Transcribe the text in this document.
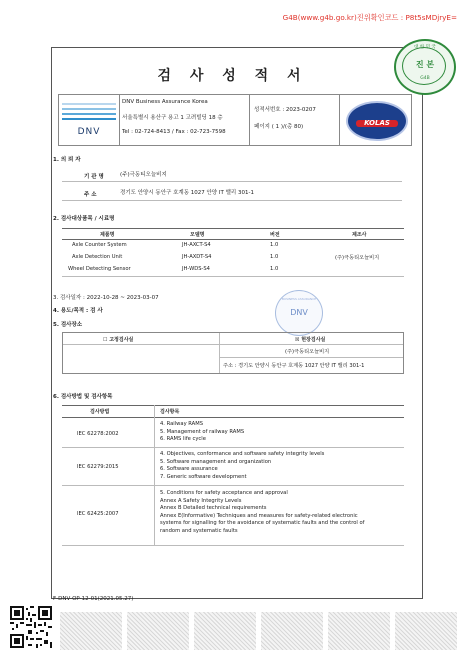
G4B(www.g4b.go.kr)진위확인코드 : P8t5sMDjryE=
검 사 성 적 서
대 한 민 국
진 본
G4B
DNV
DNV Business Assurance Korea
서울특별시 용산구 용고 1 고려빌딩 18 층
Tel : 02-724-8413 / Fax : 02-723-7598
성적서번호 : 2023-0207
페이지 ( 1 )/(총 80)	KOLAS
1. 의 뢰 자
기 관 명	(주)극동티오늘비지
주 소	경기도 안양시 동안구 호계동 1027 안양 IT 밸리 301-1
2. 검사대상품목 / 시료명
제품명	모델명	버전	제조사
Axle Counter System	JH-AXCT-S4	1.0
Axle Detection Unit	JH-AXDT-S4	1.0	(주)극동티오늘비지
Wheel Detecting Sensor	JH-WDS-S4	1.0
3. 검사일자 : 2022-10-28 ~ 2023-03-07
4. 용도/목적 : 검 사
5. 검사장소
BUSINESS ASSURANCE
DNV
☐ 고정검사실	☒ 현장검사실
(주)극동티오늘비지
주소 : 경기도 안양시 동안구 호계동 1027 안양 IT 밸리 301-1
6. 검사방법 및 검사항목
검사방법	검사항목
IEC 62278:2002
4. Railway RAMS
5. Management of railway RAMS
6. RAMS life cycle
IEC 62279:2015
4. Objectives, conformance and software safety integrity levels
5. Software management and organization
6. Software assurance
7. Generic software development
IEC 62425:2007
5. Conditions for safety acceptance and approval
Annex A Safety Integrity Levels
Annex B Detailed technical requirements
Annex E(Informative) Techniques and measures for safety-related electronic
systems for signalling for the avoidance of systematic faults and the control of
random and systematic faults
F-DNV-OP-12-01(2021.05.27)
